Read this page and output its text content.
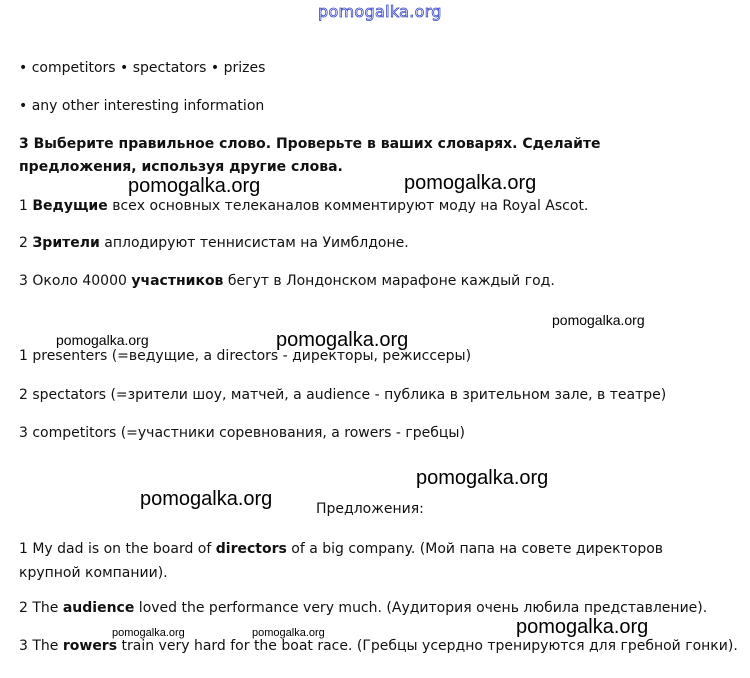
pomogalka.org
• competitors • spectators • prizes
• any other interesting information
3 Выберите правильное слово. Проверьте в ваших словарях. Сделайте предложения, используя другие слова.
pomogalka.org	pomogalka.org
1 Ведущие всех основных телеканалов комментируют моду на Royal Ascot.
2 Зрители аплодируют теннисистам на Уимблдоне.
3 Около 40000 участников бегут в Лондонском марафоне каждый год.
pomogalka.org	pomogalka.org
pomogalka.org
1 presenters (=ведущие, a directors - директоры, режиссеры)
2 spectators (=зрители шоу, матчей, a audience - публика в зрительном зале, в театре)
3 competitors (=участники соревнования, a rowers - гребцы)
pomogalka.org
pomogalka.org	Предложения:
1 My dad is on the board of directors of a big company. (Мой папа на совете директоров крупной компании).
2 The audience loved the performance very much. (Аудитория очень любила представление).
pomogalka.org	pomogalka.org	pomogalka.org
3 The rowers train very hard for the boat race. (Гребцы усердно тренируются для гребной гонки).
